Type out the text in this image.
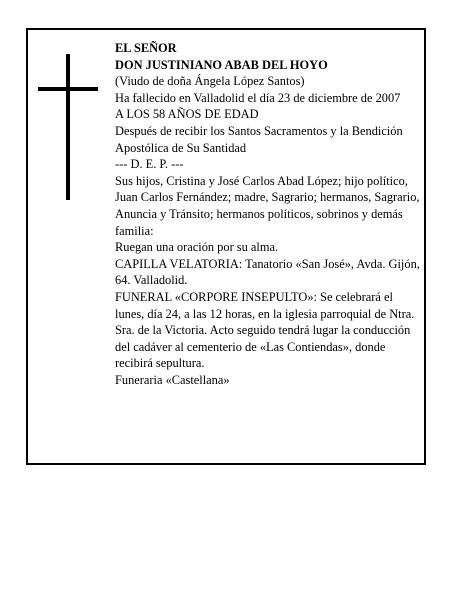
EL SEÑOR

DON JUSTINIANO ABAB DEL HOYO

(Viudo de doña Ángela López Santos)

Ha fallecido en Valladolid el día 23 de diciembre de 2007

A LOS 58 AÑOS DE EDAD

Después de recibir los Santos Sacramentos y la Bendición Apostólica de Su Santidad

--- D. E. P. ---

Sus hijos, Cristina y José Carlos Abad López; hijo político, Juan Carlos Fernández; madre, Sagrario; hermanos, Sagrario, Anuncia y Tránsito; hermanos políticos, sobrinos y demás familia:

Ruegan una oración por su alma.

CAPILLA VELATORIA: Tanatorio «San José», Avda. Gijón, 64. Valladolid.

FUNERAL «CORPORE INSEPULTO»: Se celebrará el lunes, día 24, a las 12 horas, en la iglesia parroquial de Ntra. Sra. de la Victoria. Acto seguido tendrá lugar la conducción del cadáver al cementerio de «Las Contiendas», donde recibirá sepultura.

Funeraria «Castellana»
